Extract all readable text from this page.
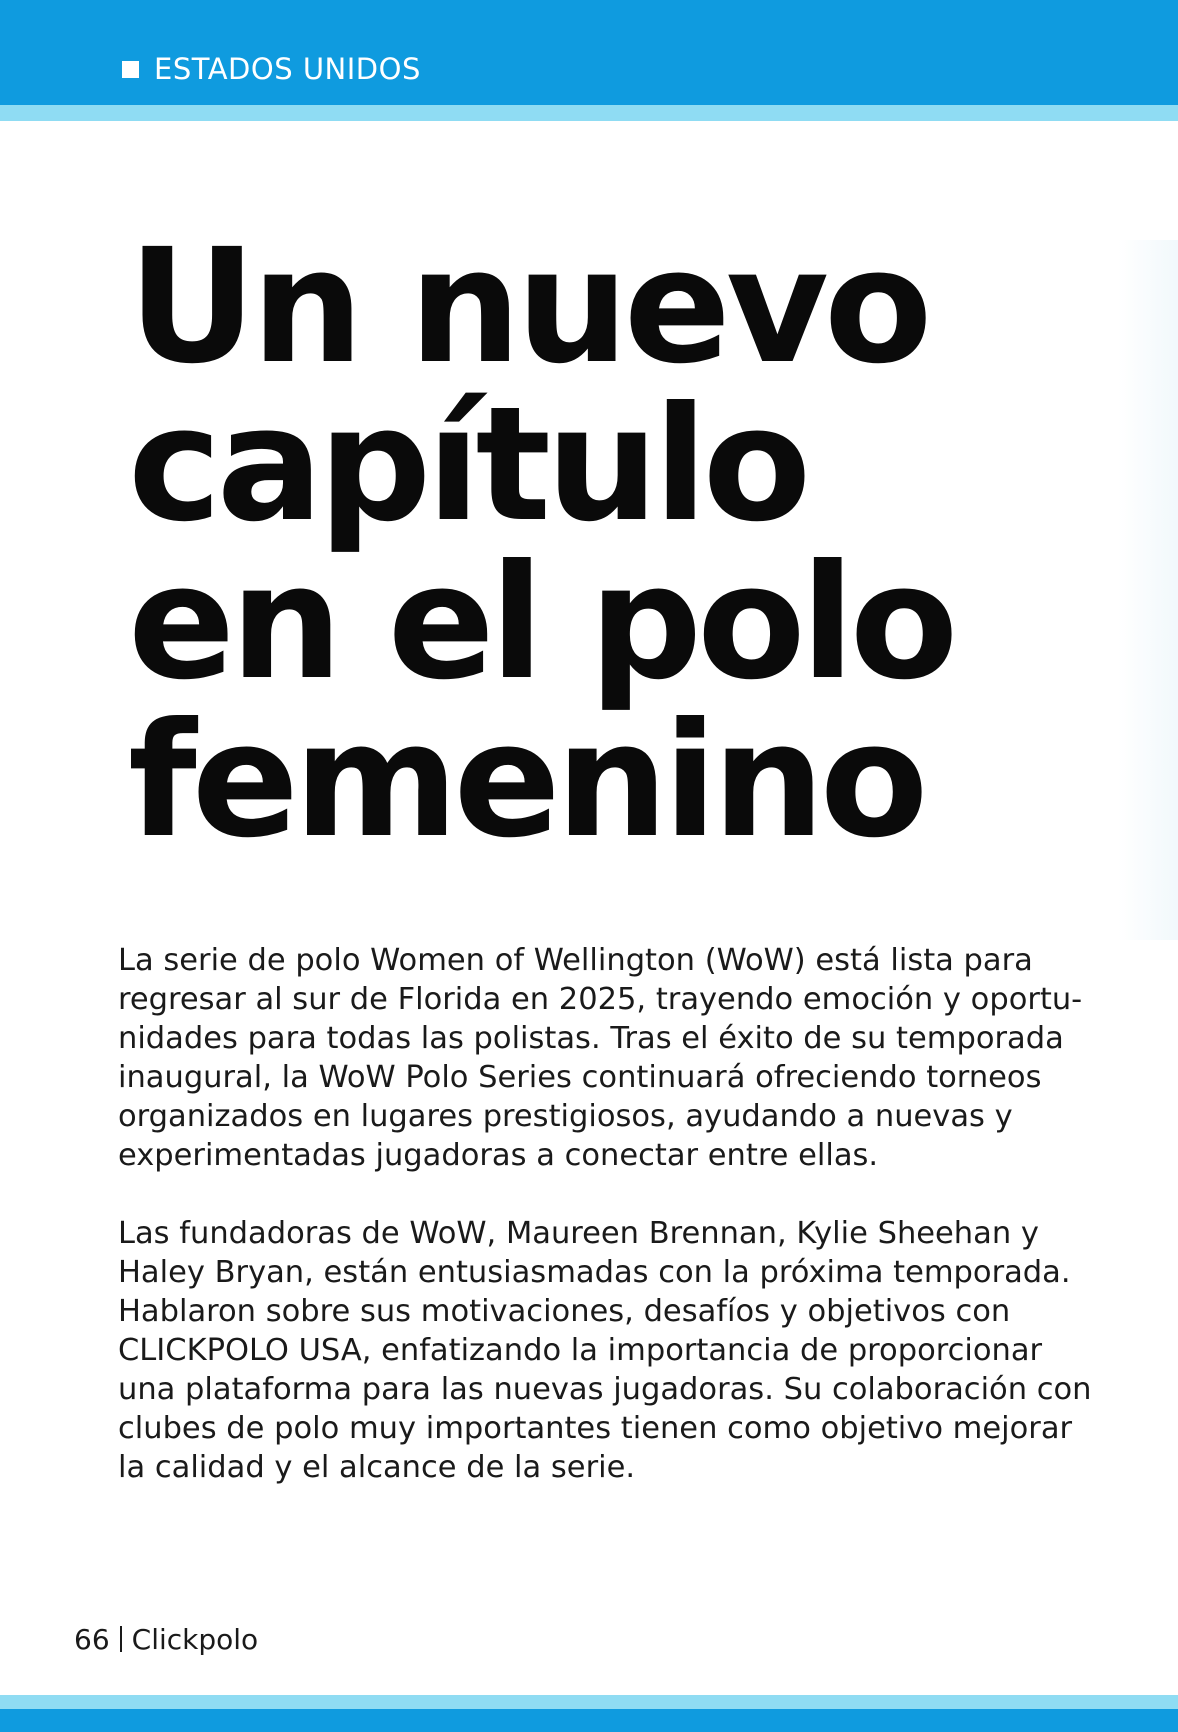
ESTADOS UNIDOS
Un nuevo
capítulo
en el polo
femenino

La serie de polo Women of Wellington (WoW) está lista para
regresar al sur de Florida en 2025, trayendo emoción y oportu-
nidades para todas las polistas. Tras el éxito de su temporada
inaugural, la WoW Polo Series continuará ofreciendo torneos
organizados en lugares prestigiosos, ayudando a nuevas y
experimentadas jugadoras a conectar entre ellas.

Las fundadoras de WoW, Maureen Brennan, Kylie Sheehan y
Haley Bryan, están entusiasmadas con la próxima temporada.
Hablaron sobre sus motivaciones, desafíos y objetivos con
CLICKPOLO USA, enfatizando la importancia de proporcionar
una plataforma para las nuevas jugadoras. Su colaboración con
clubes de polo muy importantes tienen como objetivo mejorar
la calidad y el alcance de la serie.

66 Clickpolo
